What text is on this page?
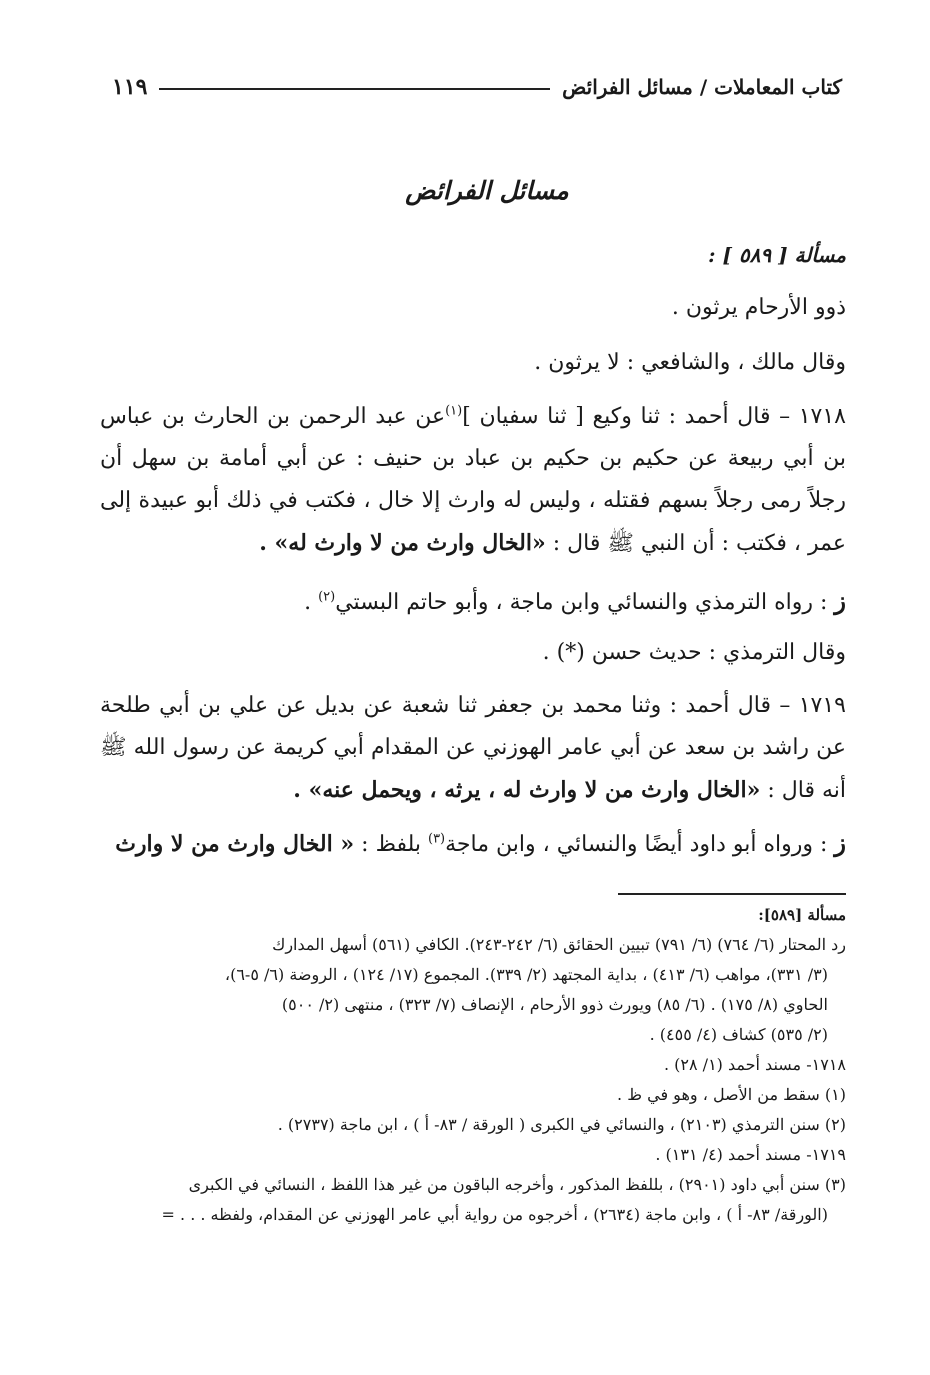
كتاب المعاملات / مسائل الفرائض
١١٩
مسائل الفرائض
مسألة [ ٥٨٩ ] :
ذوو الأرحام يرثون .
وقال مالك ، والشافعي : لا يرثون .
١٧١٨ – قال أحمد : ثنا وكيع [ ثنا سفيان ]$^{(١)}$عن عبد الرحمن بن الحارث بن عباس بن أبي ربيعة عن حكيم بن حكيم بن عباد بن حنيف : عن أبي أمامة بن سهل أن رجلاً رمى رجلاً بسهم فقتله ، وليس له وارث إلا خال ، فكتب في ذلك أبو عبيدة إلى عمر ، فكتب : أن النبي ﷺ قال : «الخال وارث من لا وارث له» .
ز : رواه الترمذي والنسائي وابن ماجة ، وأبو حاتم البستي$^{(٢)}$ .
وقال الترمذي : حديث حسن (*) .
١٧١٩ – قال أحمد : وثنا محمد بن جعفر ثنا شعبة عن بديل عن علي بن أبي طلحة عن راشد بن سعد عن أبي عامر الهوزني عن المقدام أبي كريمة عن رسول الله ﷺ أنه قال : «الخال وارث من لا وارث له ، يرثه ، ويحمل عنه» .
ز : ورواه أبو داود أيضًا والنسائي ، وابن ماجة$^{(٣)}$ بلفظ : « الخال وارث من لا وارث

مسألة [٥٨٩]:

رد المحتار (٦/ ٧٦٤) (٦/ ٧٩١) تبيين الحقائق (٦/ ٢٤٢-٢٤٣). الكافي (٥٦١) أسهل المدارك

(٣/ ٣٣١)، مواهب (٦/ ٤١٣) ، بداية المجتهد (٢/ ٣٣٩). المجموع (١٧/ ١٢٤) ، الروضة (٦/ ٥-٦)،

الحاوي (٨/ ١٧٥) . (٦/ ٨٥) ويورث ذوو الأرحام ، الإنصاف (٧/ ٣٢٣) ، منتهى (٢/ ٥٠٠)

(٢/ ٥٣٥) كشاف (٤/ ٤٥٥) .

١٧١٨- مسند أحمد (١/ ٢٨) .

(١) سقط من الأصل ، وهو في ظ .

(٢) سنن الترمذي (٢١٠٣) ، والنسائي في الكبرى ( الورقة / ٨٣- أ ) ، ابن ماجة (٢٧٣٧) .

١٧١٩- مسند أحمد (٤/ ١٣١) .

(٣) سنن أبي داود (٢٩٠١) ، بللفظ المذكور ، وأخرجه الباقون من غير هذا اللفظ ، النسائي في الكبرى

(الورقة/ ٨٣- أ ) ، وابن ماجة (٢٦٣٤) ، أخرجوه من رواية أبي عامر الهوزني عن المقدام، ولفظه . . . =
